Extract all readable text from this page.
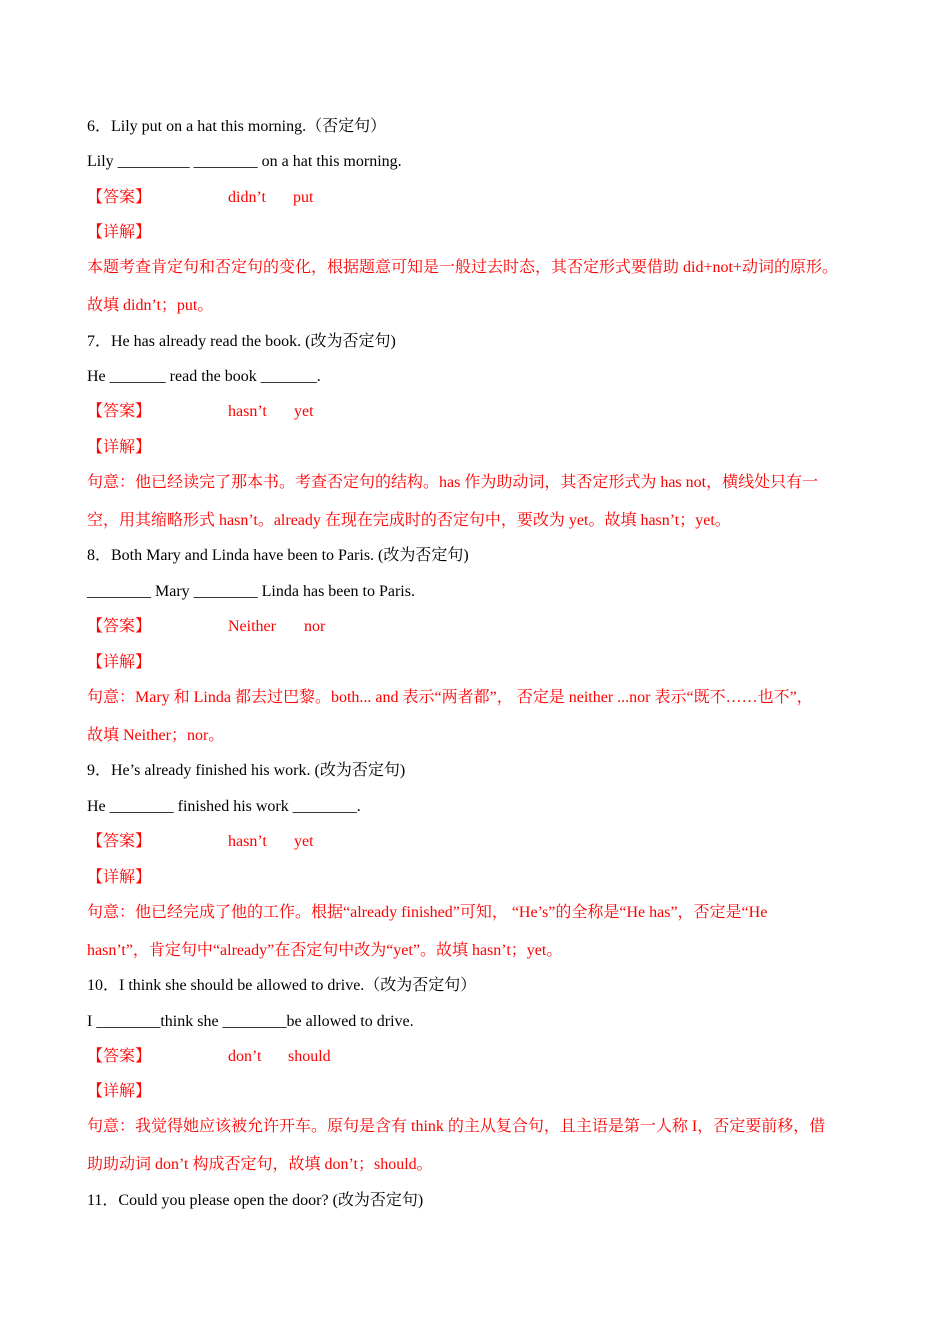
6．Lily put on a hat this morning.（否定句）
Lily _________ ________ on a hat this morning.
【答案】	didn’t put
【详解】
本题考查肯定句和否定句的变化，根据题意可知是一般过去时态，其否定形式要借助 did+not+动词的原形。
故填 didn’t；put。
7．He has already read the book. (改为否定句)
He _______ read the book _______.
【答案】	hasn’t yet
【详解】
句意：他已经读完了那本书。考查否定句的结构。has 作为助动词，其否定形式为 has not，横线处只有一
空，用其缩略形式 hasn’t。already 在现在完成时的否定句中，要改为 yet。故填 hasn’t；yet。
8．Both Mary and Linda have been to Paris. (改为否定句)
________ Mary ________ Linda has been to Paris.
【答案】	Neither nor
【详解】
句意：Mary 和 Linda 都去过巴黎。both... and 表示“两者都”， 否定是 neither ...nor 表示“既不……也不”，
故填 Neither；nor。
9．He’s already finished his work. (改为否定句)
He ________ finished his work ________.
【答案】	hasn’t yet
【详解】
句意：他已经完成了他的工作。根据“already finished”可知， “He’s”的全称是“He has”，否定是“He
hasn’t”，肯定句中“already”在否定句中改为“yet”。故填 hasn’t；yet。
10．I think she should be allowed to drive.（改为否定句）
I ________think she ________be allowed to drive.
【答案】	don’t should
【详解】
句意：我觉得她应该被允许开车。原句是含有 think 的主从复合句，且主语是第一人称 I，否定要前移，借
助助动词 don’t 构成否定句，故填 don’t；should。
11．Could you please open the door? (改为否定句)
